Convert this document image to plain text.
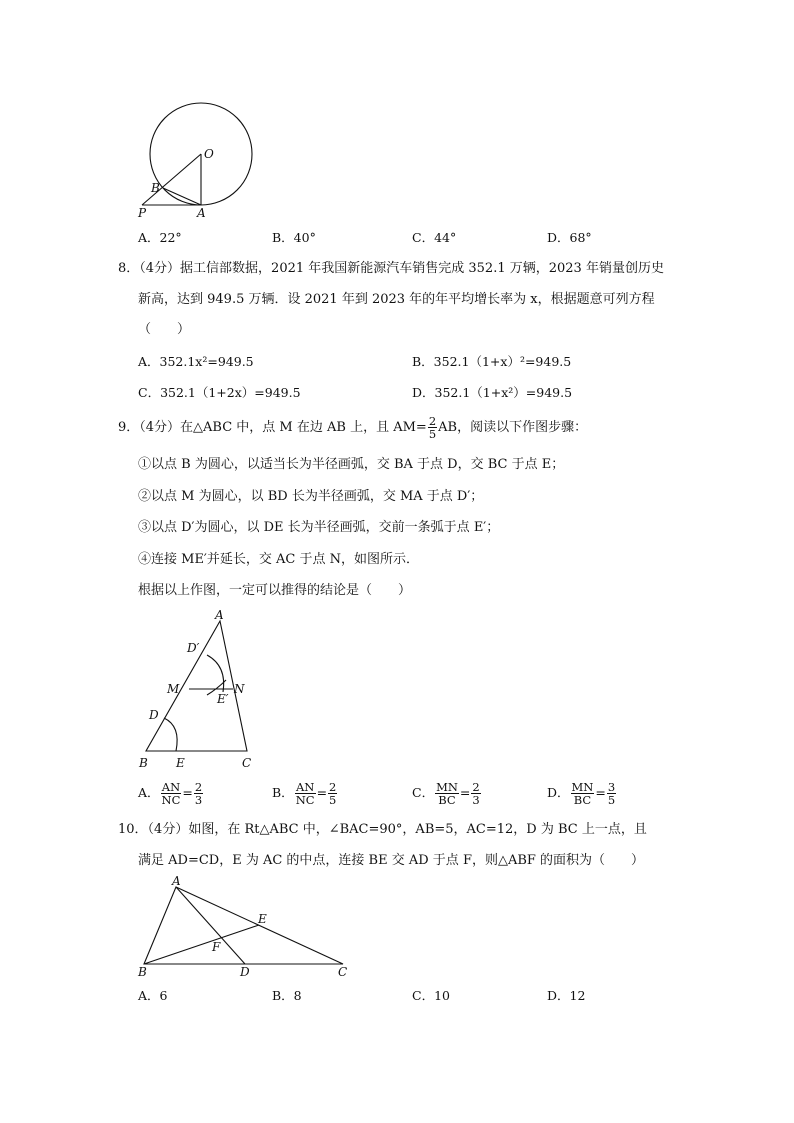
O
B
P	A
A．22°	B．40°	C．44°	D．68°
8．（4分）据工信部数据，2021 年我国新能源汽车销售完成 352.1 万辆，2023 年销量创历史
新高，达到 949.5 万辆．设 2021 年到 2023 年的年平均增长率为 x，根据题意可列方程
（　　）
A．352.1x²=949.5	B．352.1（1+x）²=949.5
C．352.1（1+2x）=949.5	D．352.1（1+x²）=949.5
9．（4分）在△ABC 中，点 M 在边 AB 上，且 $AM= \frac{2}{5}$ AB，阅读以下作图步骤：
①以点 B 为圆心，以适当长为半径画弧，交 BA 于点 D，交 BC 于点 E；
②以点 M 为圆心，以 BD 长为半径画弧，交 MA 于点 D′；
③以点 D′为圆心，以 DE 长为半径画弧，交前一条弧于点 E′；
④连接 ME′并延长，交 AC 于点 N，如图所示．
根据以上作图，一定可以推得的结论是（　　）
A
D′
M	N
E′
D
B E	C
A． $\frac{AN}{NC} = \frac{2}{3}$	B． $\frac{AN}{NC} = \frac{2}{5}$	C． $\frac{MN}{BC} = \frac{2}{3}$	D． $\frac{MN}{BC} = \frac{3}{5}$
10．（4分）如图，在 Rt△ABC 中，∠BAC=90°，AB=5，AC=12，D 为 BC 上一点，且
满足 AD=CD，E 为 AC 的中点，连接 BE 交 AD 于点 F，则△ABF 的面积为（　　）
A
E
F
B	D	C
A．6	B．8	C．10	D．12
